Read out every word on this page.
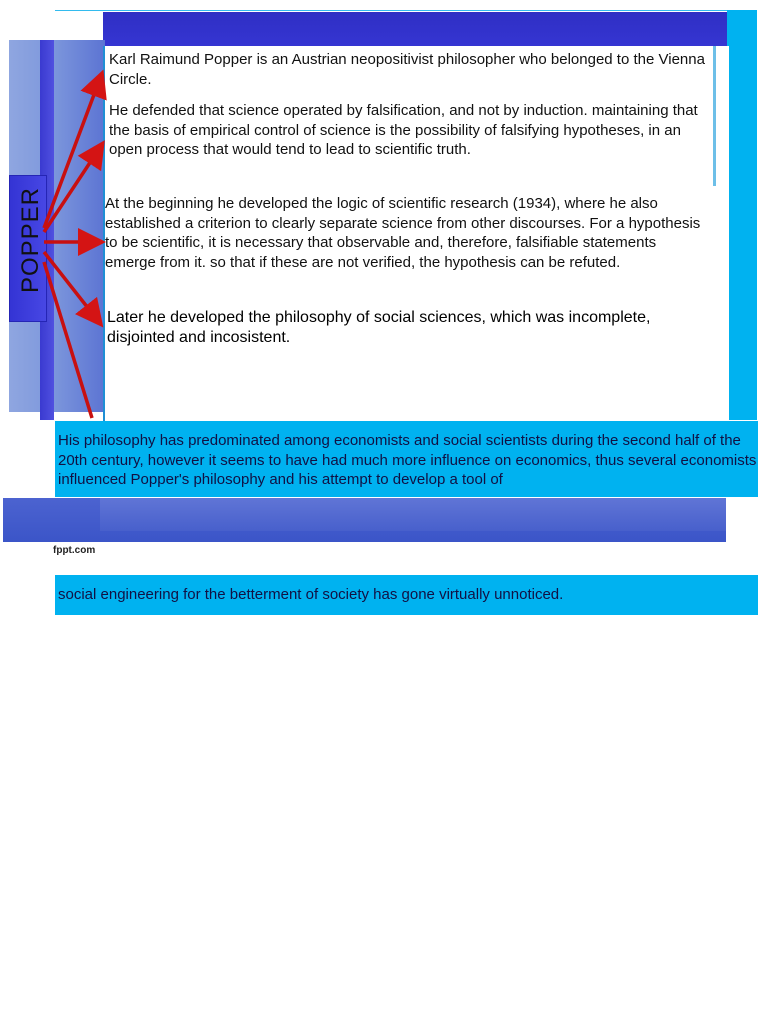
POPPER

Karl Raimund Popper is an Austrian neopositivist philosopher who belonged to the Vienna Circle.

He defended that science operated by falsification, and not by induction. maintaining that the basis of empirical control of science is the possibility of falsifying hypotheses, in an open process that would tend to lead to scientific truth.

At the beginning he developed the logic of scientific research (1934), where he also established a criterion to clearly separate science from other discourses. For a hypothesis to be scientific, it is necessary that observable and, therefore, falsifiable statements emerge from it. so that if these are not verified, the hypothesis can be refuted.

Later he developed the philosophy of social sciences, which was incomplete, disjointed and incosistent.

His philosophy has predominated among economists and social scientists during the second half of the 20th century, however it seems to have had much more influence on economics, thus several economists influenced Popper's philosophy and his attempt to develop a tool of

fppt.com

social engineering for the betterment of society has gone virtually unnoticed.
